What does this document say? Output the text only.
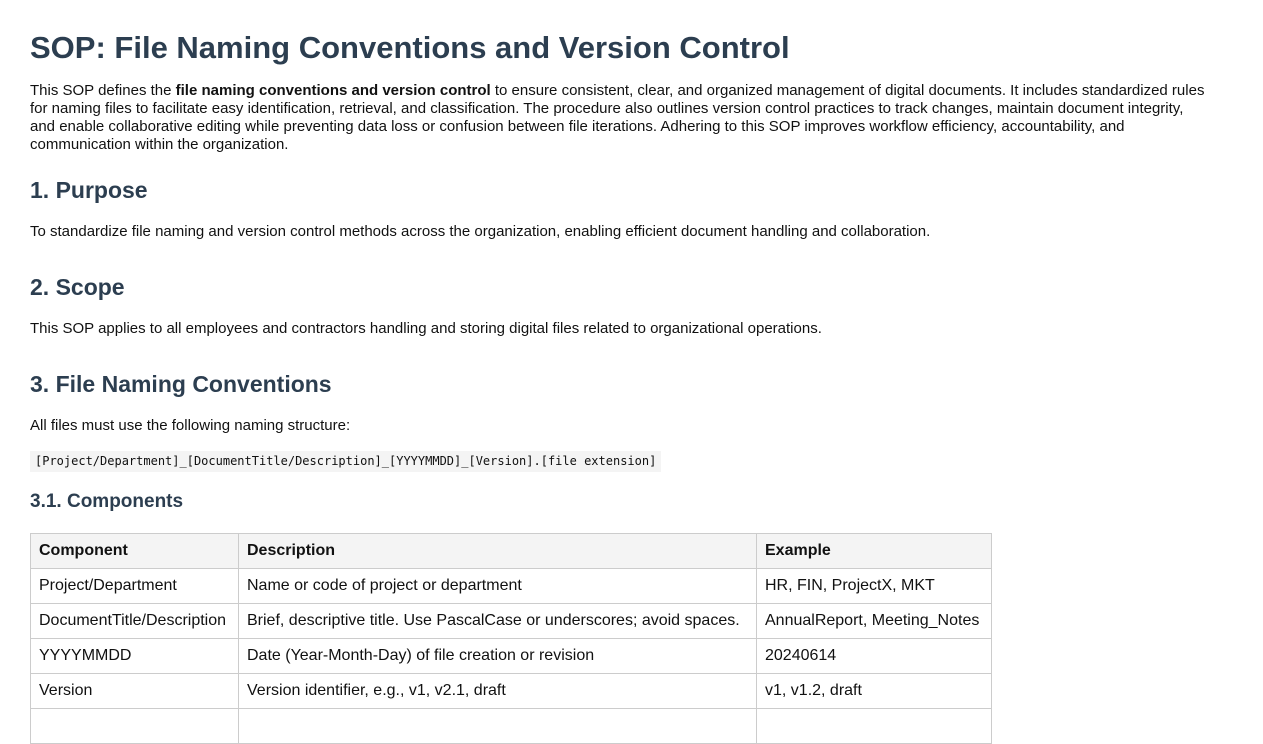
SOP: File Naming Conventions and Version Control

This SOP defines the file naming conventions and version control to ensure consistent, clear, and organized management of digital documents. It includes standardized rules for naming files to facilitate easy identification, retrieval, and classification. The procedure also outlines version control practices to track changes, maintain document integrity, and enable collaborative editing while preventing data loss or confusion between file iterations. Adhering to this SOP improves workflow efficiency, accountability, and communication within the organization.

1. Purpose

To standardize file naming and version control methods across the organization, enabling efficient document handling and collaboration.

2. Scope

This SOP applies to all employees and contractors handling and storing digital files related to organizational operations.

3. File Naming Conventions

All files must use the following naming structure:

[Project/Department]_[DocumentTitle/Description]_[YYYYMMDD]_[Version].[file extension]
3.1. Components
Component	Description	Example
Project/Department	Name or code of project or department	HR, FIN, ProjectX, MKT
DocumentTitle/Description	Brief, descriptive title. Use PascalCase or underscores; avoid spaces.	AnnualReport, Meeting_Notes
YYYYMMDD	Date (Year-Month-Day) of file creation or revision	20240614
Version	Version identifier, e.g., v1, v2.1, draft	v1, v1.2, draft
